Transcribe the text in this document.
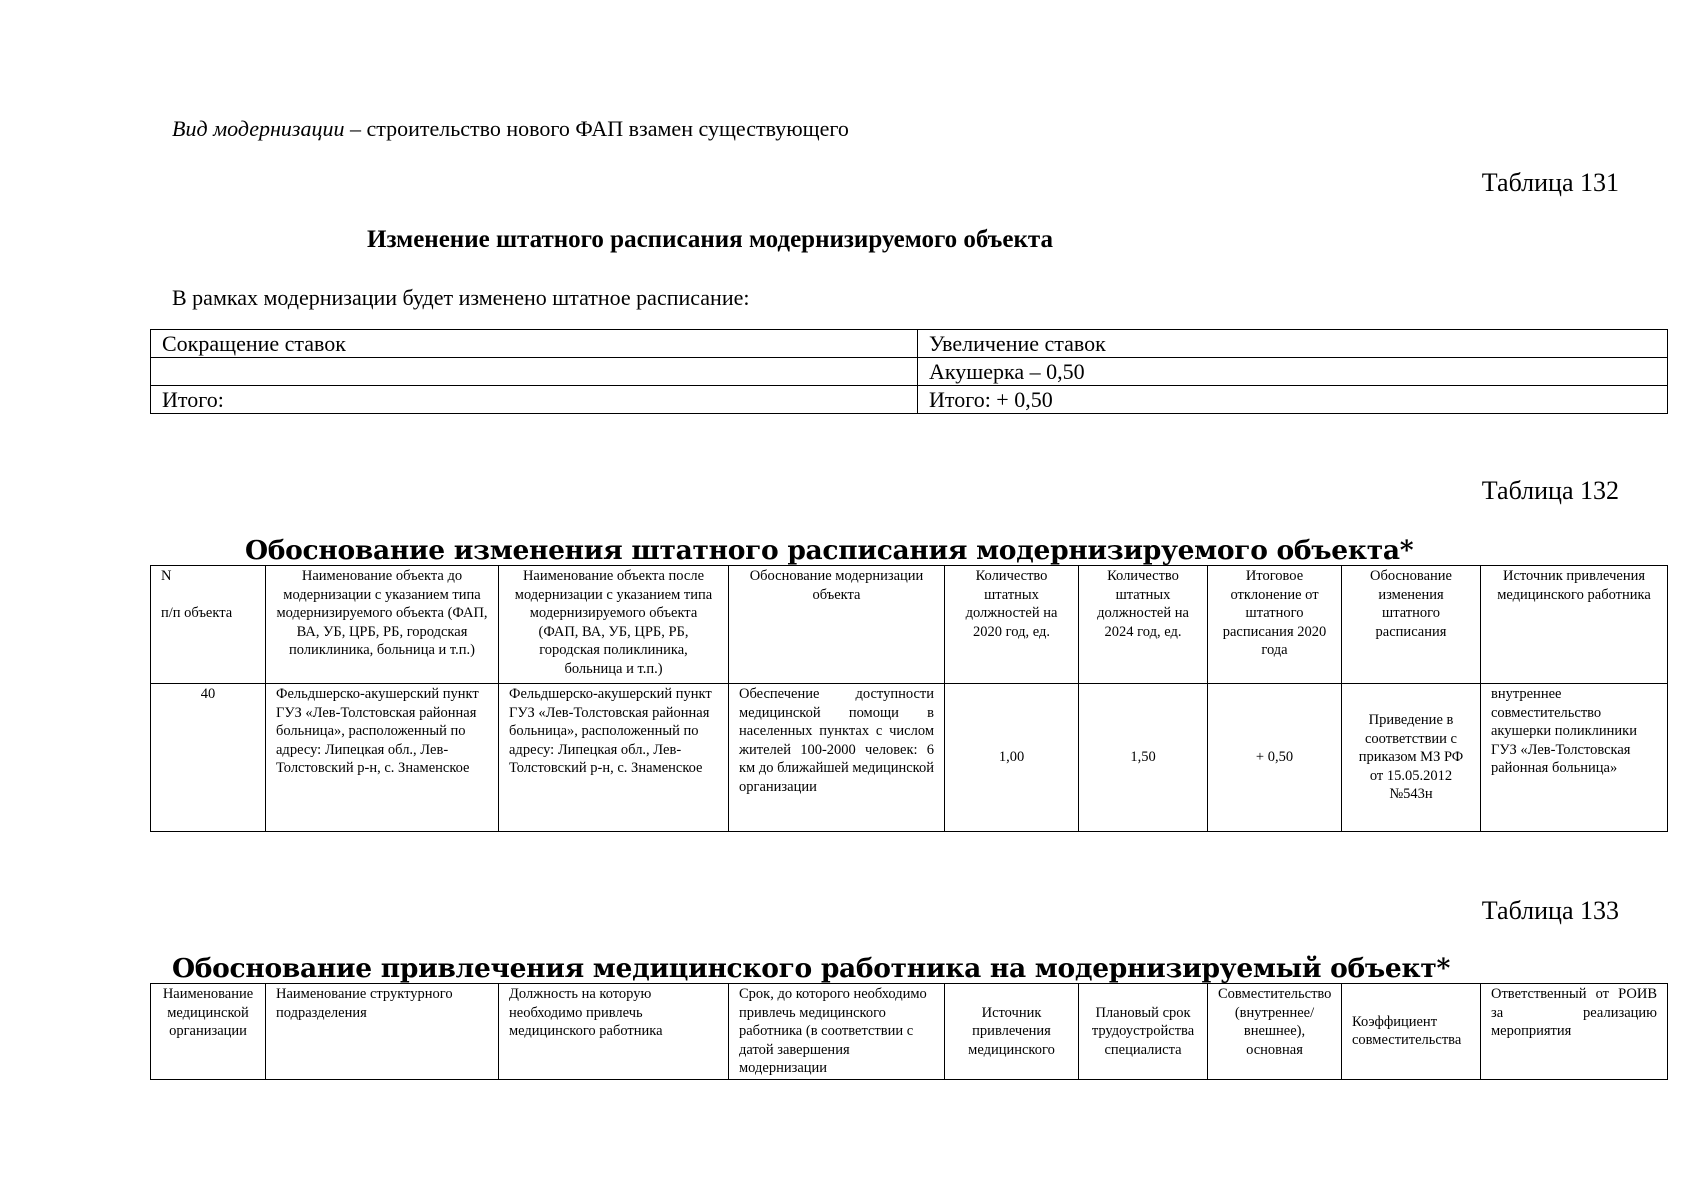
Вид модернизации – строительство нового ФАП взамен существующего
Таблица 131
Изменение штатного расписания модернизируемого объекта
В рамках модернизации будет изменено штатное расписание:
Сокращение ставок	Увеличение ставок
	Акушерка – 0,50
Итого:	Итого: + 0,50
Таблица 132
Обоснование изменения штатного расписания модернизируемого объекта*
N

п/п объекта	Наименование объекта до модернизации с указанием типа модернизируемого объекта (ФАП, ВА, УБ, ЦРБ, РБ, городская поликлиника, больница и т.п.)	Наименование объекта после модернизации с указанием типа модернизируемого объекта (ФАП, ВА, УБ, ЦРБ, РБ, городская поликлиника, больница и т.п.)	Обоснование модернизации объекта	Количество штатных должностей на 2020 год, ед.	Количество штатных должностей на 2024 год, ед.	Итоговое отклонение от штатного расписания 2020 года	Обоснование изменения штатного расписания	Источник привлечения медицинского работника
40	Фельдшерско-акушерский пункт ГУЗ «Лев-Толстовская районная больница», расположенный по адресу: Липецкая обл., Лев-Толстовский р-н, с. Знаменское	Фельдшерско-акушерский пункт ГУЗ «Лев-Толстовская районная больница», расположенный по адресу: Липецкая обл., Лев-Толстовский р-н, с. Знаменское	Обеспечение доступности медицинской помощи в населенных пунктах с числом жителей 100-2000 человек: 6 км до ближайшей медицинской организации	1,00	1,50	+ 0,50	Приведение в соответствии с приказом МЗ РФ от 15.05.2012 №543н	внутреннее совместительство акушерки поликлиники ГУЗ «Лев-Толстовская районная больница»
Таблица 133
Обоснование привлечения медицинского работника на модернизируемый объект*
Наименование медицинской организации	Наименование структурного подразделения	Должность на которую необходимо привлечь медицинского работника	Срок, до которого необходимо привлечь медицинского работника (в соответствии с датой завершения модернизации	Источник привлечения медицинского	Плановый срок трудоустройства специалиста	Совместительство (внутреннее/внешнее), основная	Коэффициент совместительства	Ответственный от РОИВ за реализацию мероприятия
